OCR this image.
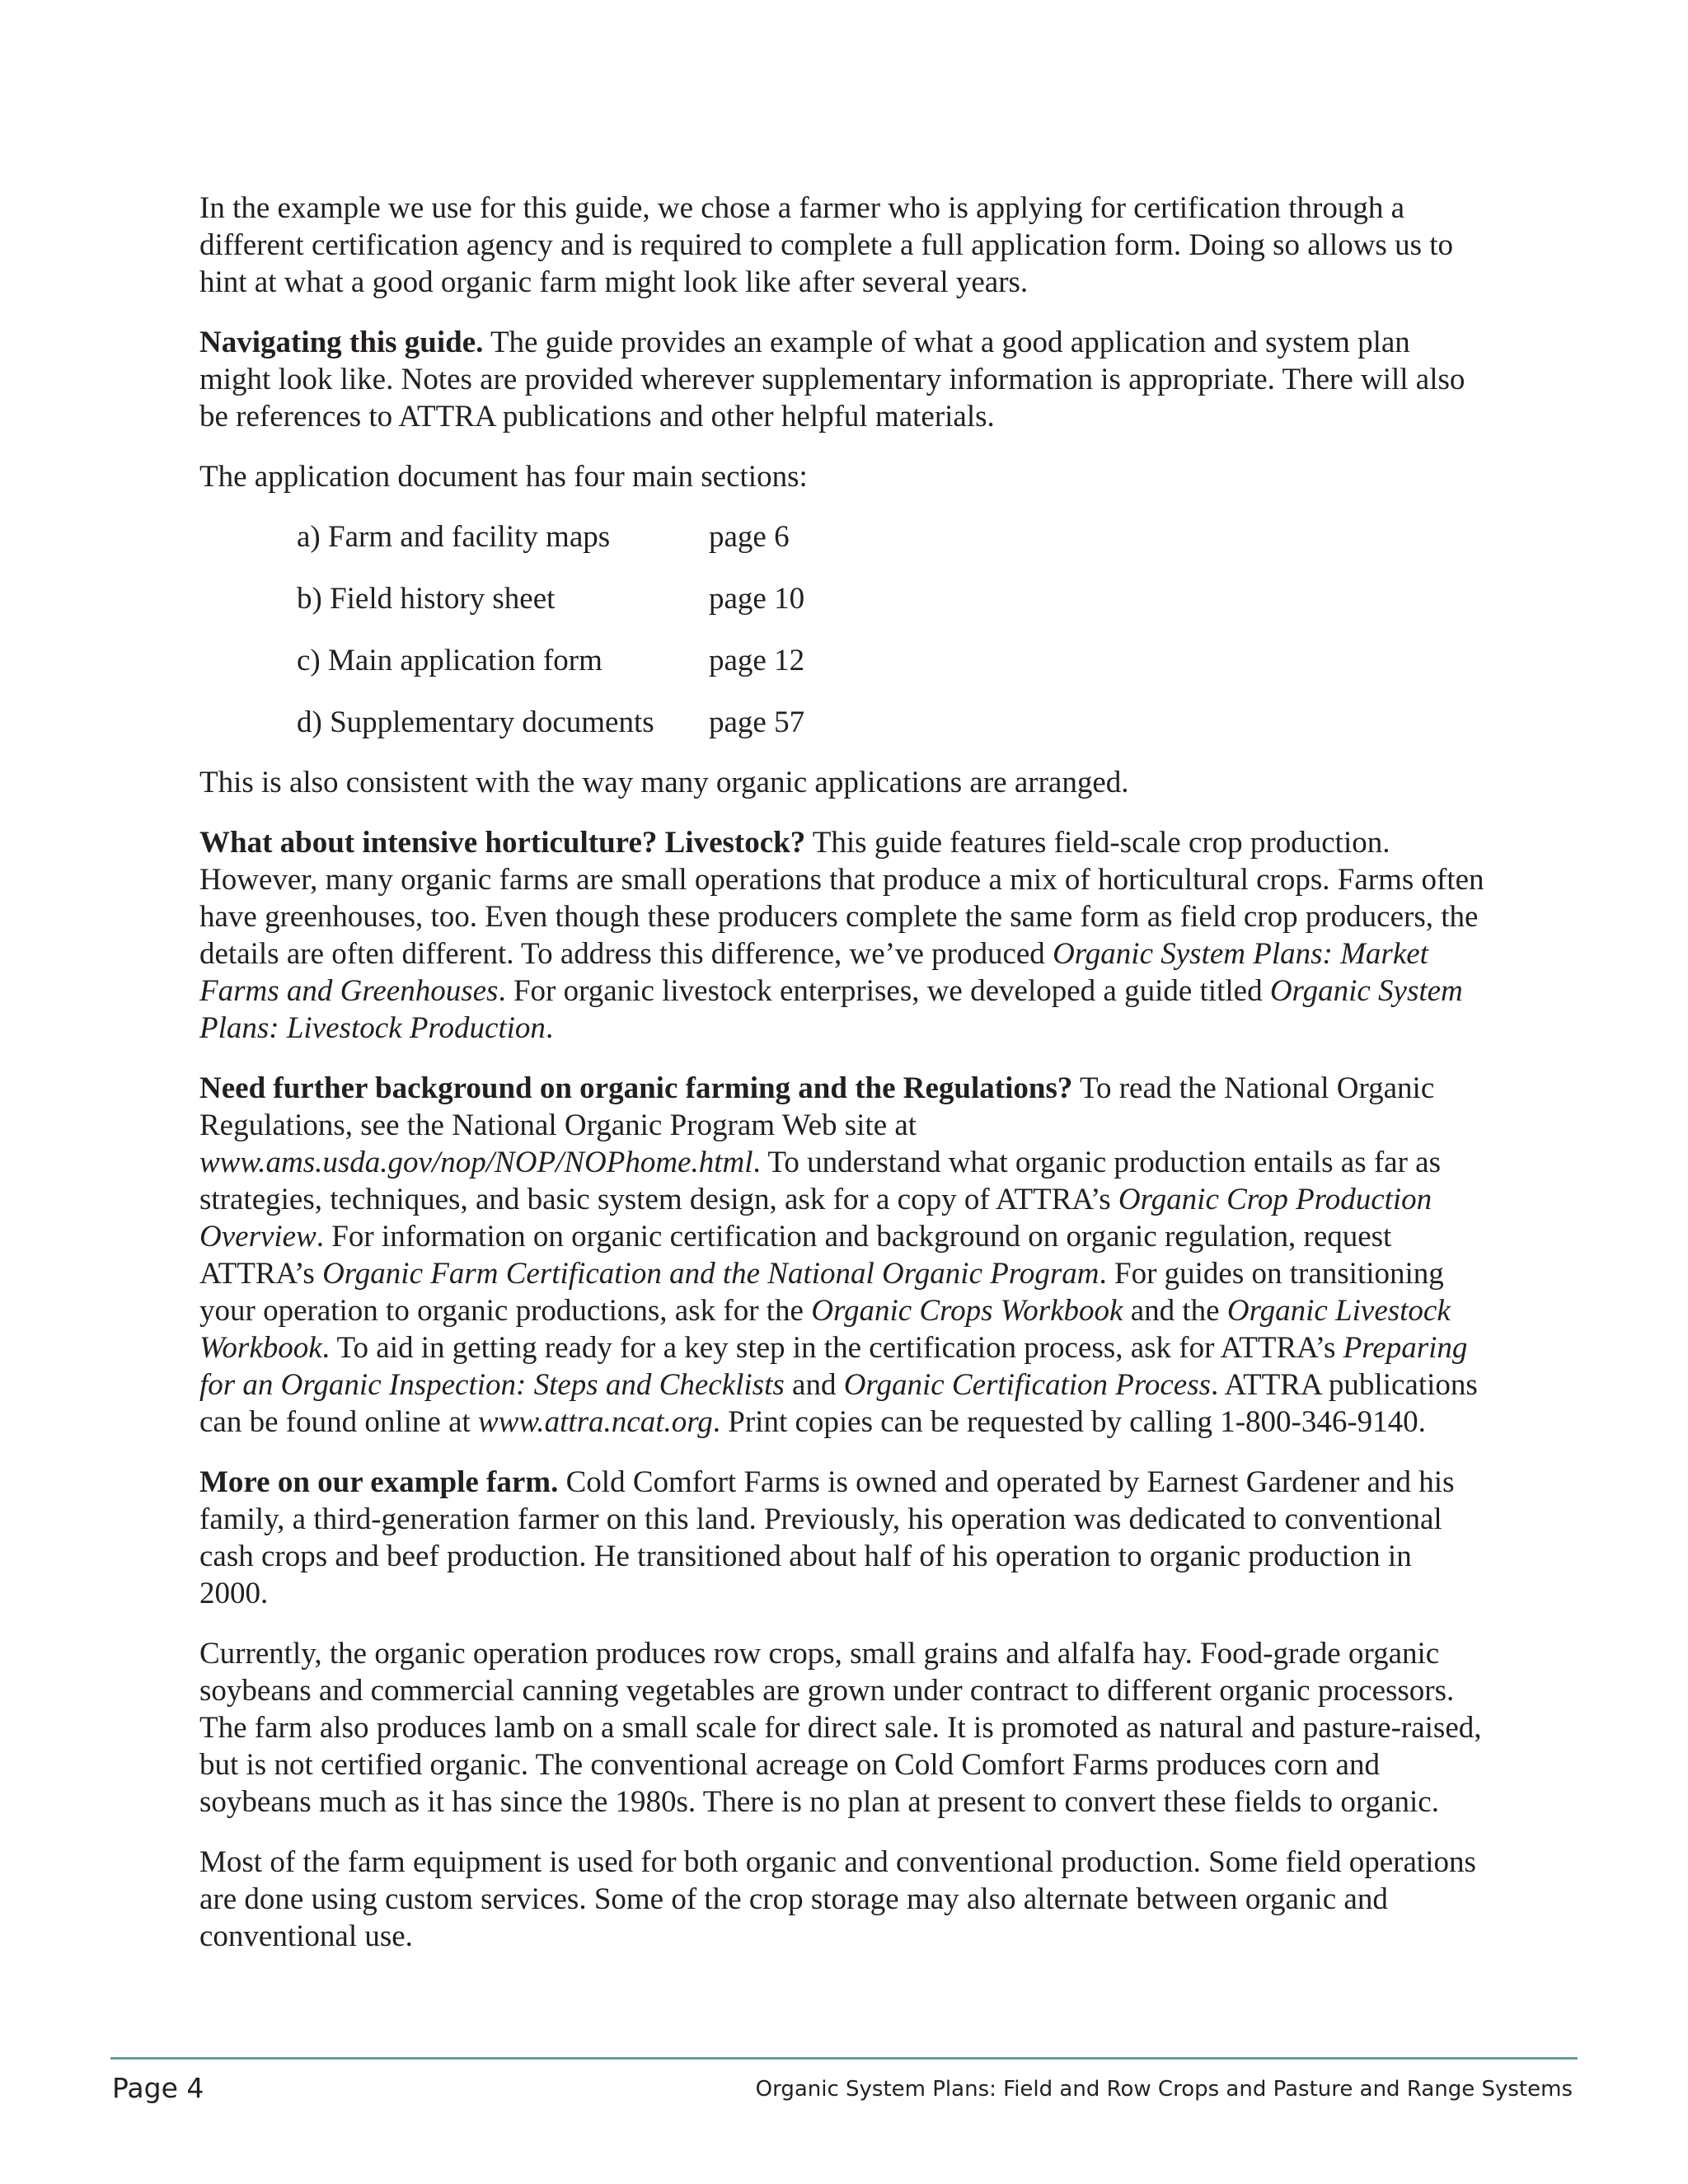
In the example we use for this guide, we chose a farmer who is applying for certification through a different certification agency and is required to complete a full application form. Doing so allows us to hint at what a good organic farm might look like after several years.

Navigating this guide. The guide provides an example of what a good application and system plan might look like. Notes are provided wherever supplementary information is appropriate. There will also be references to ATTRA publications and other helpful materials.

The application document has four main sections:

a) Farm and facility maps	page 6
b) Field history sheet	page 10
c) Main application form	page 12
d) Supplementary documents	page 57

This is also consistent with the way many organic applications are arranged.

What about intensive horticulture? Livestock? This guide features field-scale crop production. However, many organic farms are small operations that produce a mix of horticultural crops. Farms often have greenhouses, too. Even though these producers complete the same form as field crop producers, the details are often different. To address this difference, we’ve produced Organic System Plans: Market Farms and Greenhouses. For organic livestock enterprises, we developed a guide titled Organic System Plans: Livestock Production.

Need further background on organic farming and the Regulations? To read the National Organic Regulations, see the National Organic Program Web site at www.ams.usda.gov/nop/NOP/NOPhome.html. To understand what organic production entails as far as strategies, techniques, and basic system design, ask for a copy of ATTRA’s Organic Crop Production Overview. For information on organic certification and background on organic regulation, request ATTRA’s Organic Farm Certification and the National Organic Program. For guides on transitioning your operation to organic productions, ask for the Organic Crops Workbook and the Organic Livestock Workbook. To aid in getting ready for a key step in the certification process, ask for ATTRA’s Preparing for an Organic Inspection: Steps and Checklists and Organic Certification Process. ATTRA publications can be found online at www.attra.ncat.org. Print copies can be requested by calling 1-800-346-9140.

More on our example farm. Cold Comfort Farms is owned and operated by Earnest Gardener and his family, a third-generation farmer on this land. Previously, his operation was dedicated to conventional cash crops and beef production. He transitioned about half of his operation to organic production in 2000.

Currently, the organic operation produces row crops, small grains and alfalfa hay. Food-grade organic soybeans and commercial canning vegetables are grown under contract to different organic processors. The farm also produces lamb on a small scale for direct sale. It is promoted as natural and pasture-raised, but is not certified organic. The conventional acreage on Cold Comfort Farms produces corn and soybeans much as it has since the 1980s. There is no plan at present to convert these fields to organic.

Most of the farm equipment is used for both organic and conventional production. Some field operations are done using custom services. Some of the crop storage may also alternate between organic and conventional use.

Page 4	Organic System Plans: Field and Row Crops and Pasture and Range Systems
